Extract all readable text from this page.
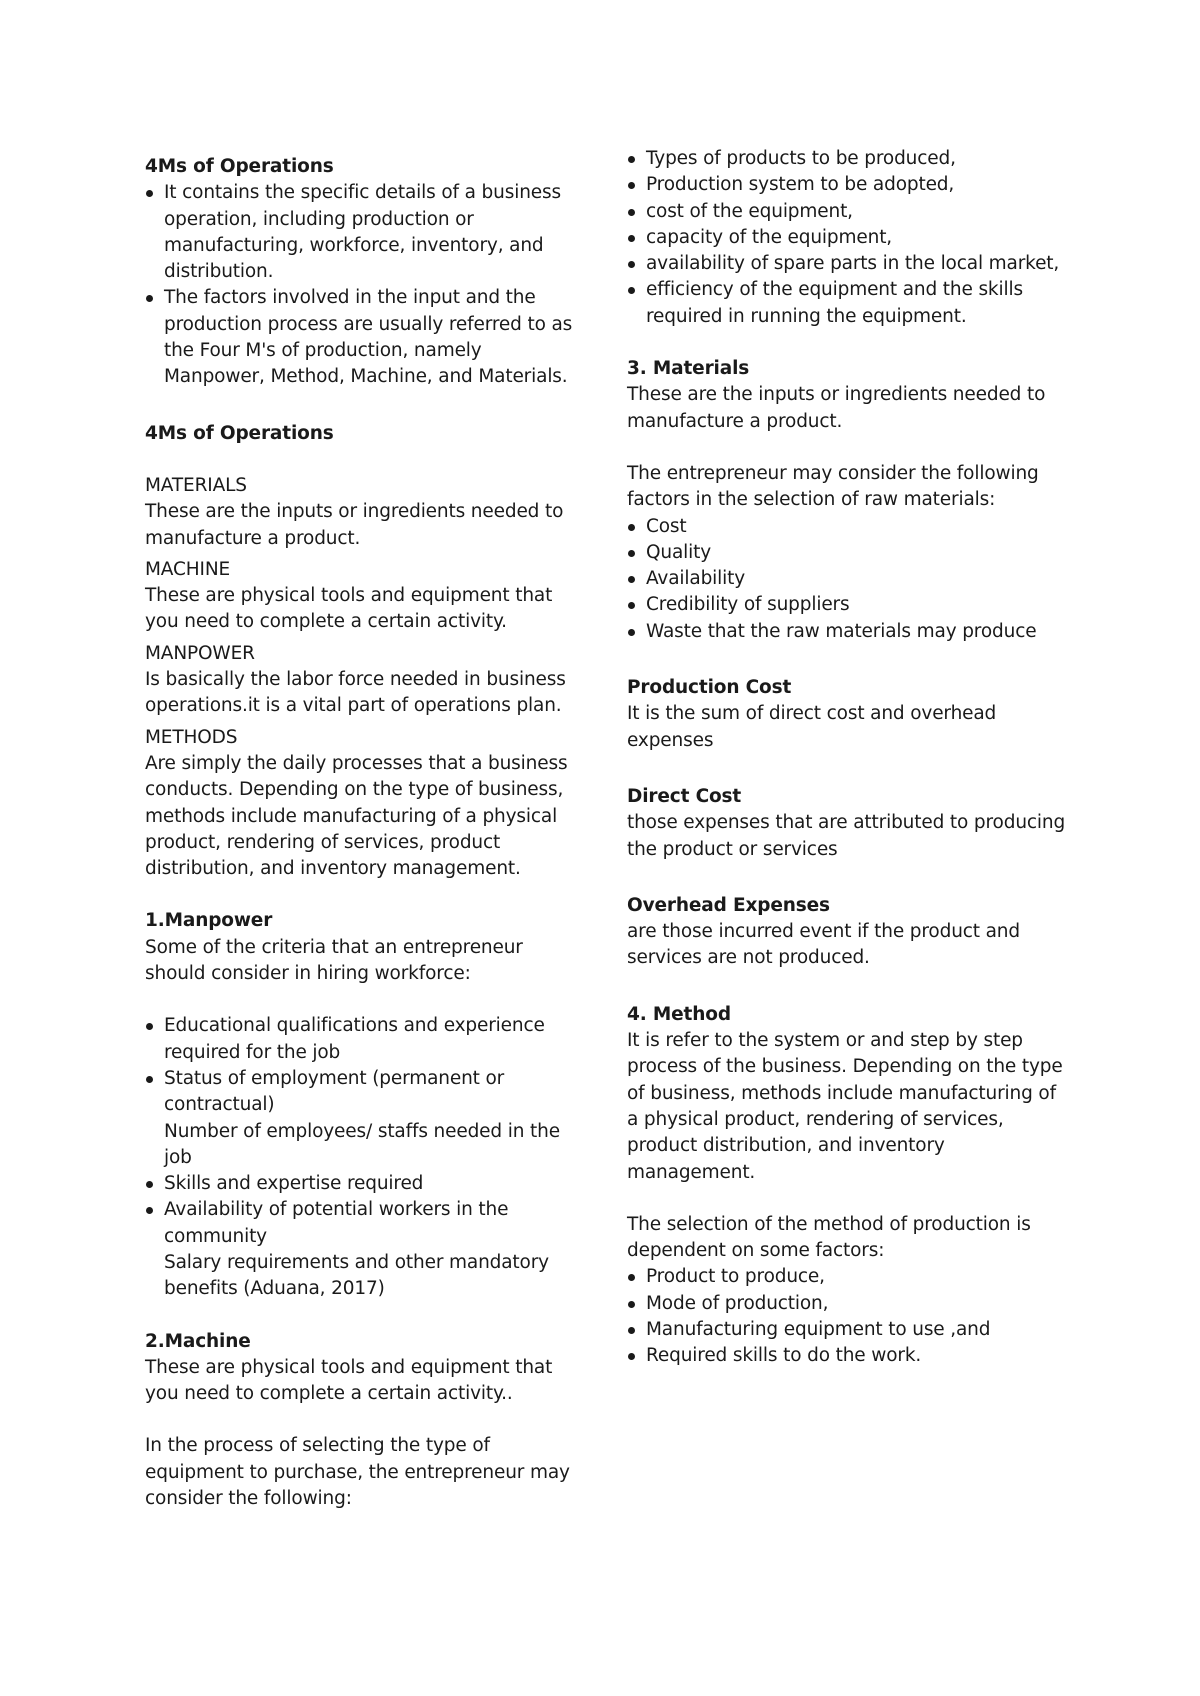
4Ms of Operations

It contains the specific details of a business operation, including production or manufacturing, workforce, inventory, and distribution.
The factors involved in the input and the production process are usually referred to as the Four M's of production, namely Manpower, Method, Machine, and Materials.

4Ms of Operations

MATERIALS

These are the inputs or ingredients needed to manufacture a product.

MACHINE

These are physical tools and equipment that you need to complete a certain activity.

MANPOWER

Is basically the labor force needed in business operations.it is a vital part of operations plan.

METHODS

Are simply the daily processes that a business conducts. Depending on the type of business, methods include manufacturing of a physical product, rendering of services, product distribution, and inventory management.

1.Manpower

Some of the criteria that an entrepreneur should consider in hiring workforce:

Educational qualifications and experience required for the job
Status of employment (permanent or contractual)

Number of employees/ staffs needed in the job

Skills and expertise required
Availability of potential workers in the community

Salary requirements and other mandatory benefits (Aduana, 2017)

2.Machine

These are physical tools and equipment that you need to complete a certain activity..

In the process of selecting the type of equipment to purchase, the entrepreneur may consider the following:

Types of products to be produced,
Production system to be adopted,
cost of the equipment,
capacity of the equipment,
availability of spare parts in the local market,
efficiency of the equipment and the skills required in running the equipment.

3. Materials

These are the inputs or ingredients needed to manufacture a product.

The entrepreneur may consider the following factors in the selection of raw materials:

Cost
Quality
Availability
Credibility of suppliers
Waste that the raw materials may produce

Production Cost

It is the sum of direct cost and overhead expenses

Direct Cost

those expenses that are attributed to producing the product or services

Overhead Expenses

are those incurred event if the product and services are not produced.

4. Method

It is refer to the system or and step by step process of the business. Depending on the type of business, methods include manufacturing of a physical product, rendering of services, product distribution, and inventory management.

The selection of the method of production is dependent on some factors:

Product to produce,
Mode of production,
Manufacturing equipment to use ,and
Required skills to do the work.
